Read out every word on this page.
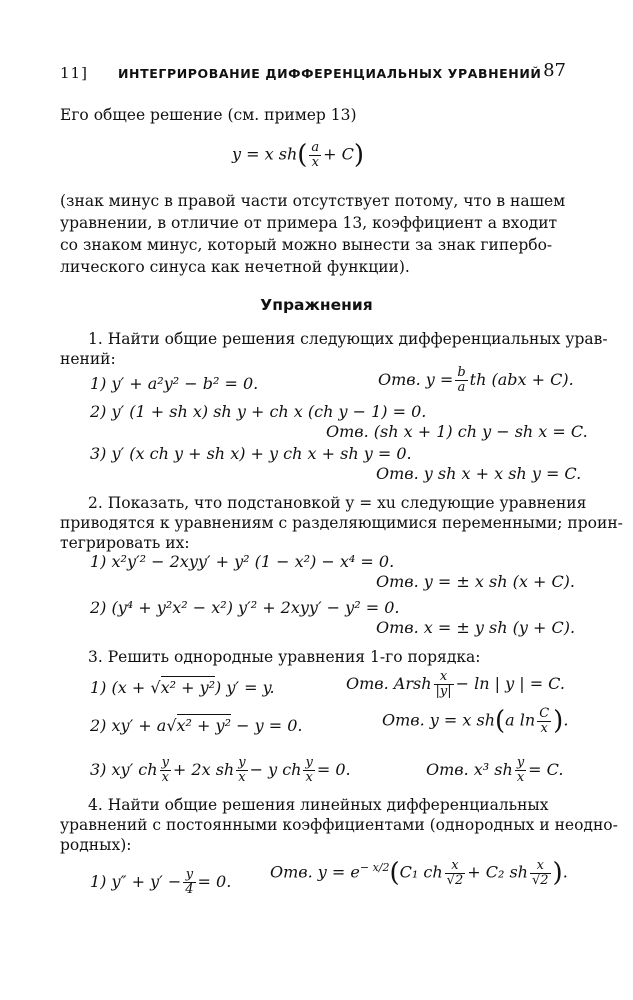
11] ИНТЕГРИРОВАНИЕ ДИФФЕРЕНЦИАЛЬНЫХ УРАВНЕНИЙ 87
Его общее решение (см. пример 13)
y = x $sh( \frac{a}{x} + C)$
(знак минус в правой части отсутствует потому, что в нашем
уравнении, в отличие от примера 13, коэффициент a входит
со знаком минус, который можно вынести за знак гипербо-
лического синуса как нечетной функции).
Упражнения
1. Найти общие решения следующих дифференциальных урав-
нений:
1) y′ + a²y² − b² = 0.	Отв. $y = \frac{b}{a}$ th (abx + C).
2) y′ (1 + sh x) sh y + ch x (ch y − 1) = 0.
Отв. (sh x + 1) ch y − sh x = C.
3) y′ (x ch y + sh x) + y ch x + sh y = 0.
Отв. y sh x + x sh y = C.
2. Показать, что подстановкой y = xu следующие уравнения
приводятся к уравнениям с разделяющимися переменными; проин-
тегрировать их:
1) x²y′² − 2xyy′ + y² (1 − x²) − x⁴ = 0.
Отв. y = ± x sh (x + C).
2) (y⁴ + y²x² − x²) y′² + 2xyy′ − y² = 0.
Отв. x = ± y sh (y + C).
3. Решить однородные уравнения 1-го порядка:
1) (x + √x² + y²) y′ = y.	Отв. Arsh $\frac{x}{|y|} - \ln$ | y | = C.
2) xy′ + a√x² + y² − y = 0.	Отв. y = x sh(a $\ln \frac{C}{x}$ ).
3) xy′ ch $\frac{y}{x} + 2x$ sh $\frac{y}{x} - y$ ch $\frac{y}{x} = 0$.	Отв. x³ sh $\frac{y}{x} = C$.
4. Найти общие решения линейных дифференциальных
уравнений с постоянными коэффициентами (однородных и неодно-
родных):
1) $y'' + y' - \frac{y}{4} = 0$. Отв. $y = e^{- x/2}(C_1$ ch $\frac{x}{√2} + C_2$ sh $\frac{x}{√2}$ ).
